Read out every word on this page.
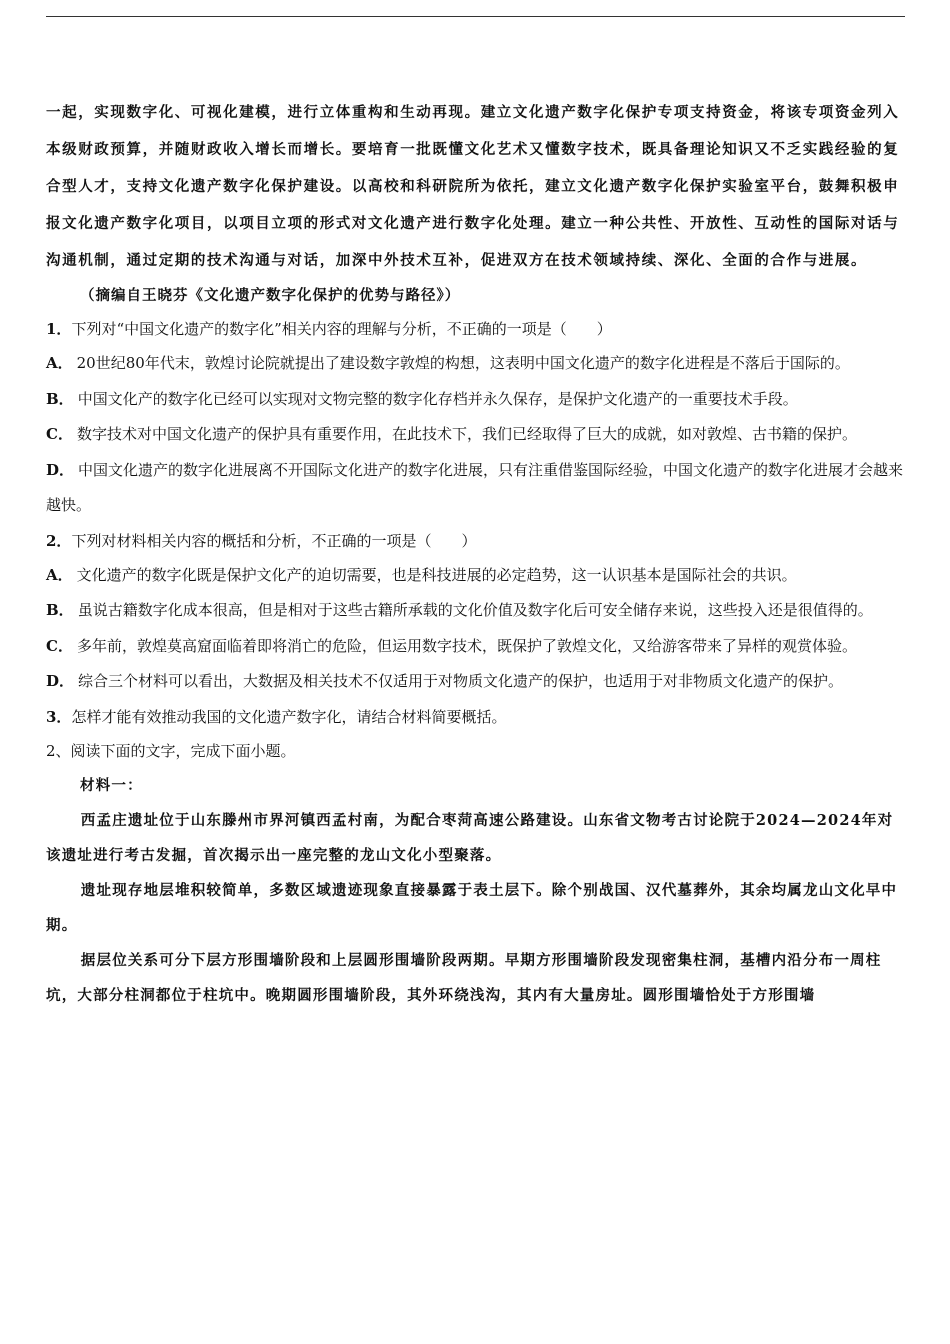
一起，实现数字化、可视化建模，进行立体重构和生动再现。建立文化遗产数字化保护专项支持资金，将该专项资金列入本级财政预算，并随财政收入增长而增长。要培育一批既懂文化艺术又懂数字技术，既具备理论知识又不乏实践经验的复合型人才，支持文化遗产数字化保护建设。以高校和科研院所为依托，建立文化遗产数字化保护实验室平台，鼓舞积极申报文化遗产数字化项目，以项目立项的形式对文化遗产进行数字化处理。建立一种公共性、开放性、互动性的国际对话与沟通机制，通过定期的技术沟通与对话，加深中外技术互补，促进双方在技术领域持续、深化、全面的合作与进展。

（摘编自王晓芬《文化遗产数字化保护的优势与路径》）

1．下列对“中国文化遗产的数字化”相关内容的理解与分析，不正确的一项是（　　）

A． 20世纪80年代末，敦煌讨论院就提出了建设数字敦煌的构想，这表明中国文化遗产的数字化进程是不落后于国际的。

B． 中国文化产的数字化已经可以实现对文物完整的数字化存档并永久保存，是保护文化遗产的一重要技术手段。

C． 数字技术对中国文化遗产的保护具有重要作用，在此技术下，我们已经取得了巨大的成就，如对敦煌、古书籍的保护。

D． 中国文化遗产的数字化进展离不开国际文化进产的数字化进展，只有注重借鉴国际经验，中国文化遗产的数字化进展才会越来越快。

2．下列对材料相关内容的概括和分析，不正确的一项是（　　）

A． 文化遗产的数字化既是保护文化产的迫切需要，也是科技进展的必定趋势，这一认识基本是国际社会的共识。

B． 虽说古籍数字化成本很高，但是相对于这些古籍所承载的文化价值及数字化后可安全储存来说，这些投入还是很值得的。

C． 多年前，敦煌莫高窟面临着即将消亡的危险，但运用数字技术，既保护了敦煌文化，又给游客带来了异样的观赏体验。

D． 综合三个材料可以看出，大数据及相关技术不仅适用于对物质文化遗产的保护，也适用于对非物质文化遗产的保护。

3．怎样才能有效推动我国的文化遗产数字化，请结合材料简要概括。

2、阅读下面的文字，完成下面小题。

材料一：

西孟庄遗址位于山东滕州市界河镇西孟村南，为配合枣菏高速公路建设。山东省文物考古讨论院于2024—2024年对该遗址进行考古发掘，首次揭示出一座完整的龙山文化小型聚落。

遗址现存地层堆积较简单，多数区域遗迹现象直接暴露于表土层下。除个别战国、汉代墓葬外，其余均属龙山文化早中期。

据层位关系可分下层方形围墙阶段和上层圆形围墙阶段两期。早期方形围墙阶段发现密集柱洞，基槽内沿分布一周柱坑，大部分柱洞都位于柱坑中。晚期圆形围墙阶段，其外环绕浅沟，其内有大量房址。圆形围墙恰处于方形围墙
